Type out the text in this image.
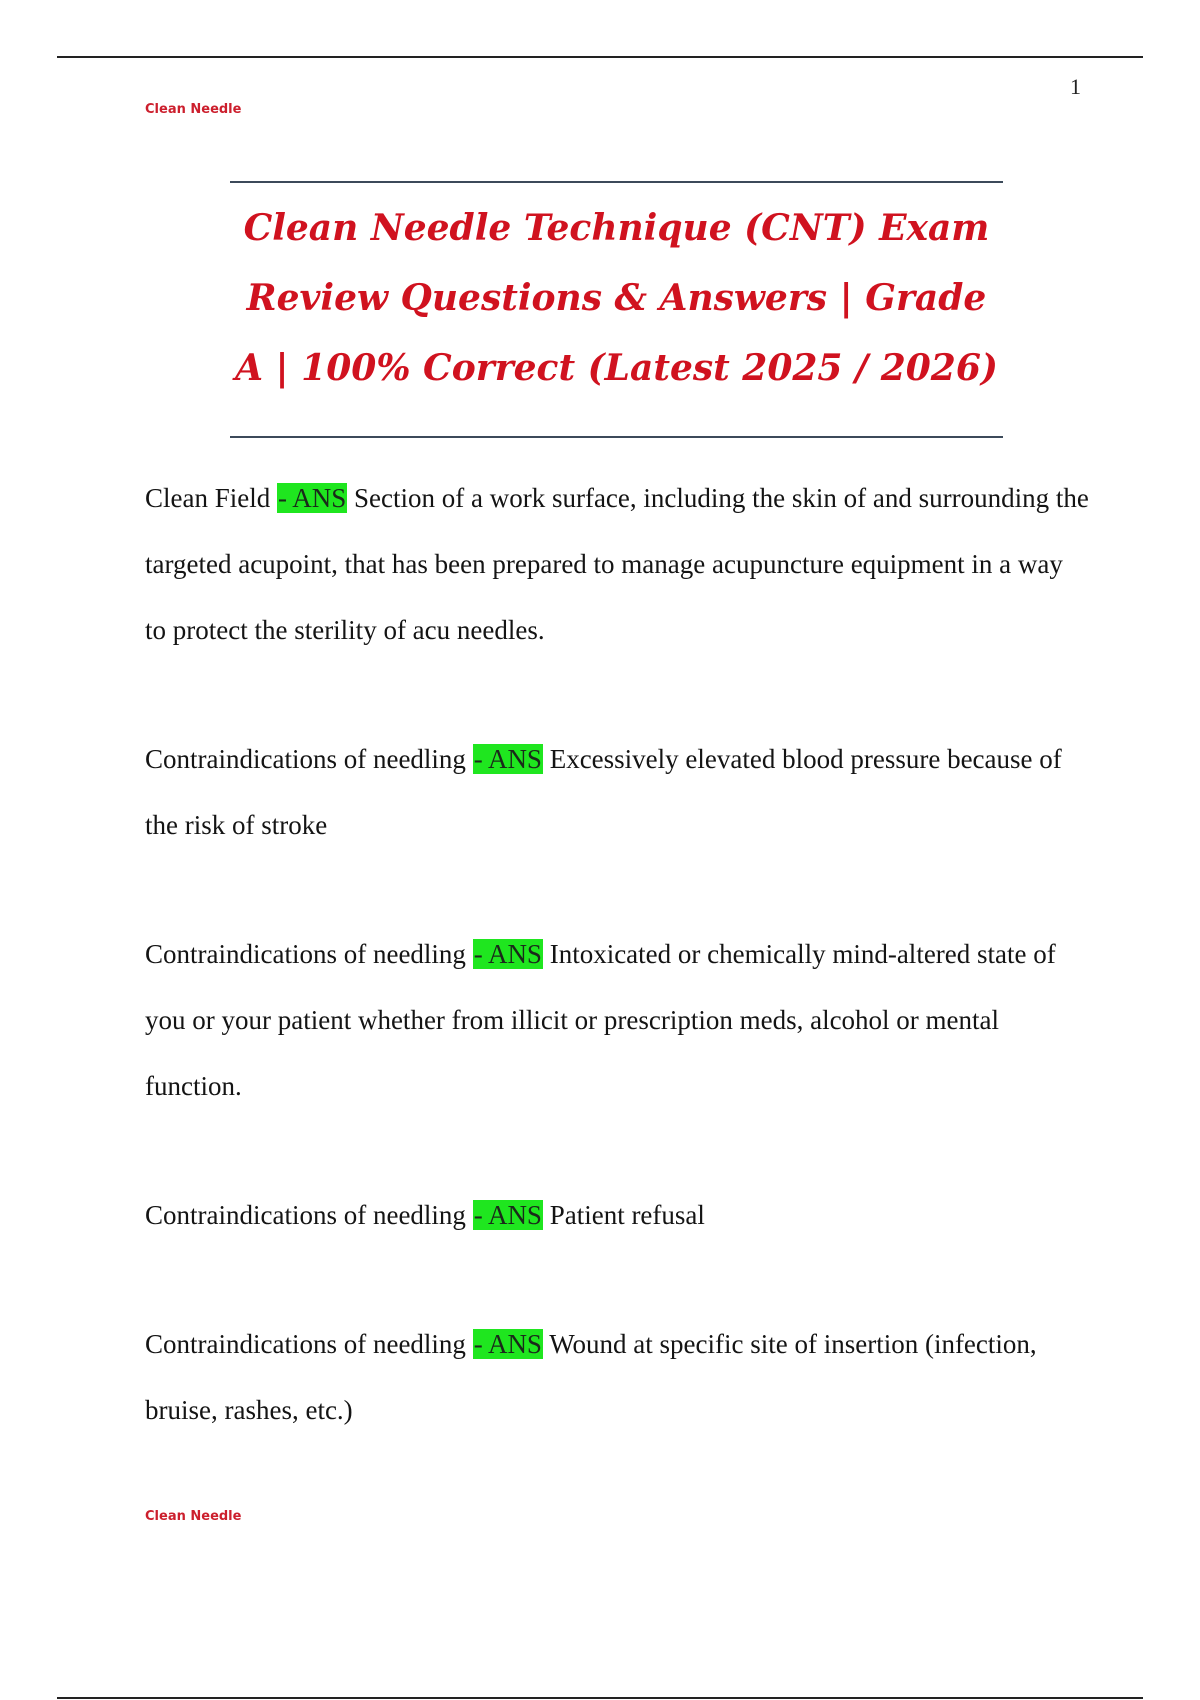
1
Clean Needle
Clean Needle Technique (CNT) Exam Review Questions & Answers | Grade A | 100% Correct (Latest 2025 / 2026)

Clean Field - ANS Section of a work surface, including the skin of and surrounding the targeted acupoint, that has been prepared to manage acupuncture equipment in a way to protect the sterility of acu needles.

Contraindications of needling - ANS Excessively elevated blood pressure because of the risk of stroke

Contraindications of needling - ANS Intoxicated or chemically mind-altered state of you or your patient whether from illicit or prescription meds, alcohol or mental function.

Contraindications of needling - ANS Patient refusal

Contraindications of needling - ANS Wound at specific site of insertion (infection, bruise, rashes, etc.)

Clean Needle
